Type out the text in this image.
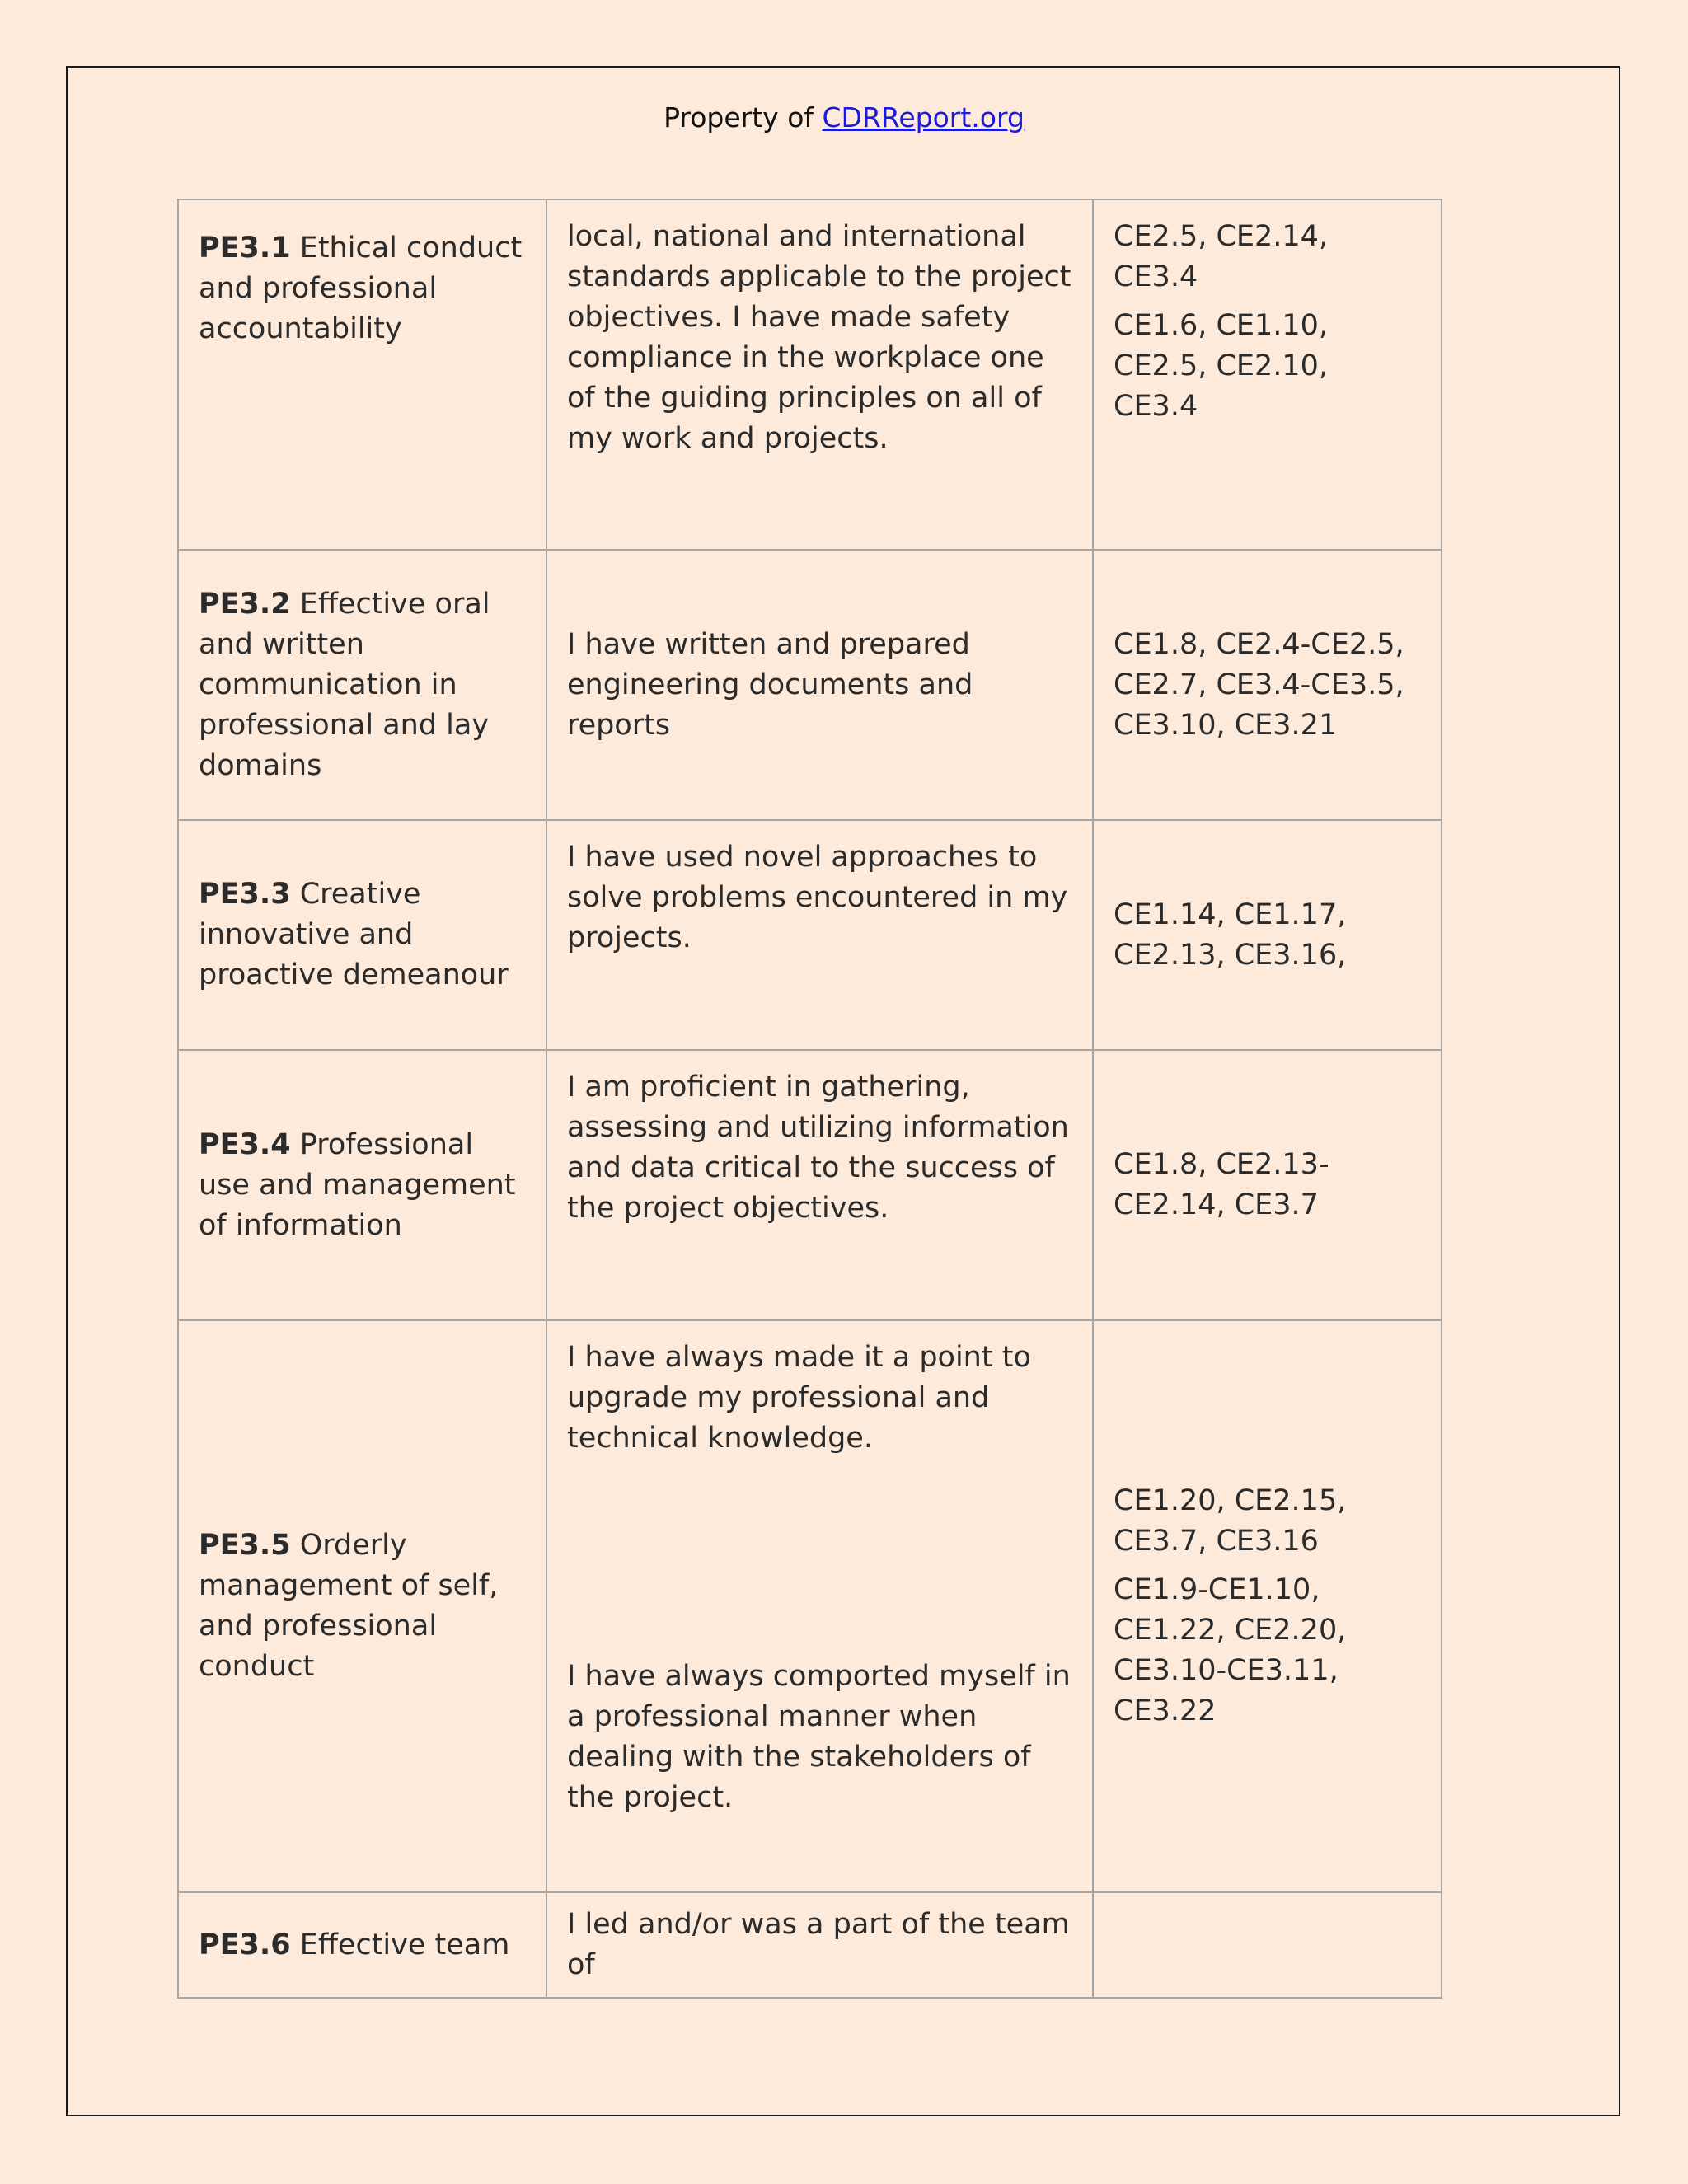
Property of CDRReport.org
PE3.1 Ethical conduct and professional accountability	local, national and international standards applicable to the project objectives. I have made safety compliance in the workplace one of the guiding principles on all of my work and projects.	CE2.5, CE2.14, CE3.4
CE1.6, CE1.10, CE2.5, CE2.10, CE3.4

PE3.2 Effective oral and written communication in professional and lay domains	I have written and prepared engineering documents and reports	CE1.8, CE2.4-CE2.5, CE2.7, CE3.4-CE3.5, CE3.10, CE3.21

PE3.3 Creative innovative and proactive demeanour	I have used novel approaches to solve problems encountered in my projects.	CE1.14, CE1.17, CE2.13, CE3.16,

PE3.4 Professional use and management of information	I am proficient in gathering, assessing and utilizing information and data critical to the success of the project objectives.	CE1.8, CE2.13-CE2.14, CE3.7

PE3.5 Orderly management of self, and professional conduct	I have always made it a point to upgrade my professional and technical knowledge.
I have always comported myself in a professional manner when dealing with the stakeholders of the project.	CE1.20, CE2.15, CE3.7, CE3.16
CE1.9-CE1.10, CE1.22, CE2.20, CE3.10-CE3.11, CE3.22

PE3.6 Effective team	I led and/or was a part of the team of	
